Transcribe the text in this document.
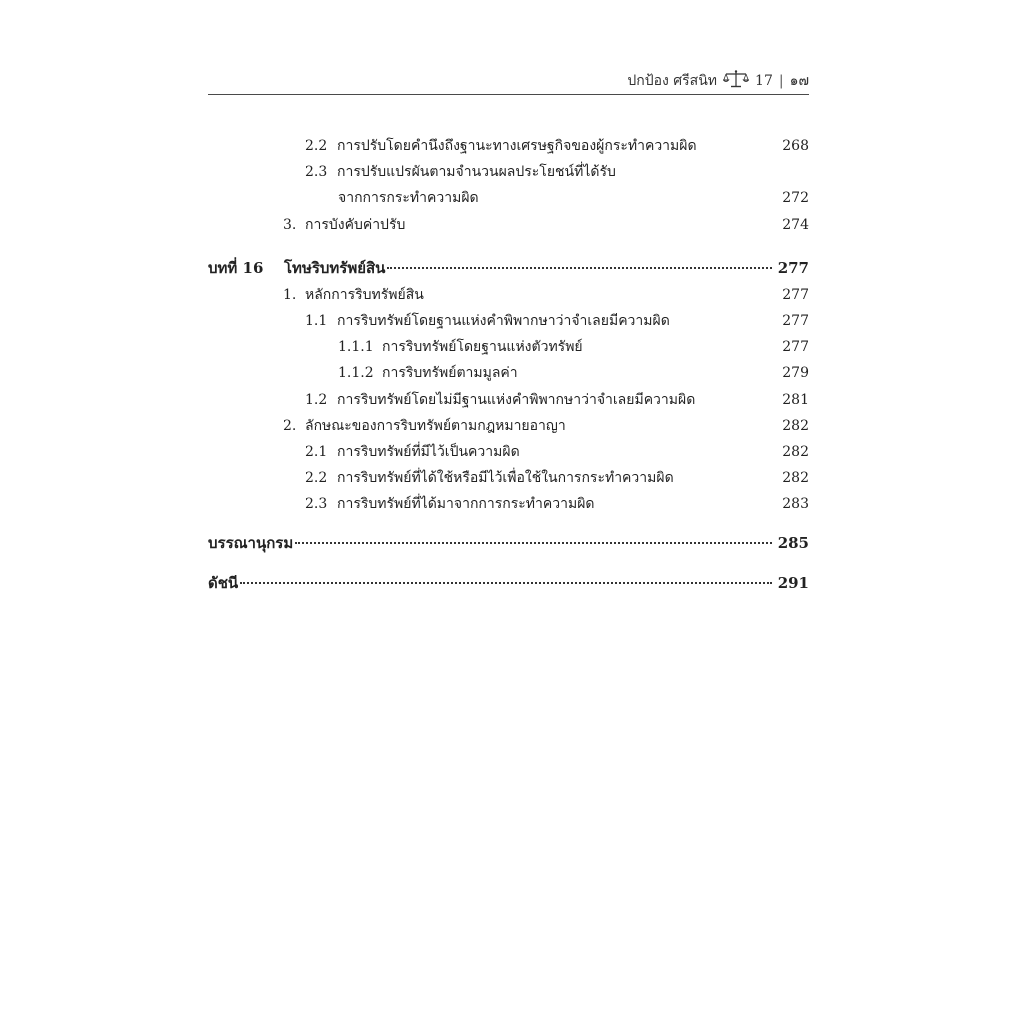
ปกป้อง ศรีสนิท	17 | ๑๗
2.2 การปรับโดยคำนึงถึงฐานะทางเศรษฐกิจของผู้กระทำความผิด	268
2.3 การปรับแปรผันตามจำนวนผลประโยชน์ที่ได้รับ
จากการกระทำความผิด	272
3. การบังคับค่าปรับ	274
บทที่ 16	โทษริบทรัพย์สิน	277
1. หลักการริบทรัพย์สิน	277
1.1 การริบทรัพย์โดยฐานแห่งคำพิพากษาว่าจำเลยมีความผิด	277
1.1.1 การริบทรัพย์โดยฐานแห่งตัวทรัพย์	277
1.1.2 การริบทรัพย์ตามมูลค่า	279
1.2 การริบทรัพย์โดยไม่มีฐานแห่งคำพิพากษาว่าจำเลยมีความผิด	281
2. ลักษณะของการริบทรัพย์ตามกฎหมายอาญา	282
2.1 การริบทรัพย์ที่มีไว้เป็นความผิด	282
2.2 การริบทรัพย์ที่ได้ใช้หรือมีไว้เพื่อใช้ในการกระทำความผิด	282
2.3 การริบทรัพย์ที่ได้มาจากการกระทำความผิด	283
บรรณานุกรม	285
ดัชนี	291
